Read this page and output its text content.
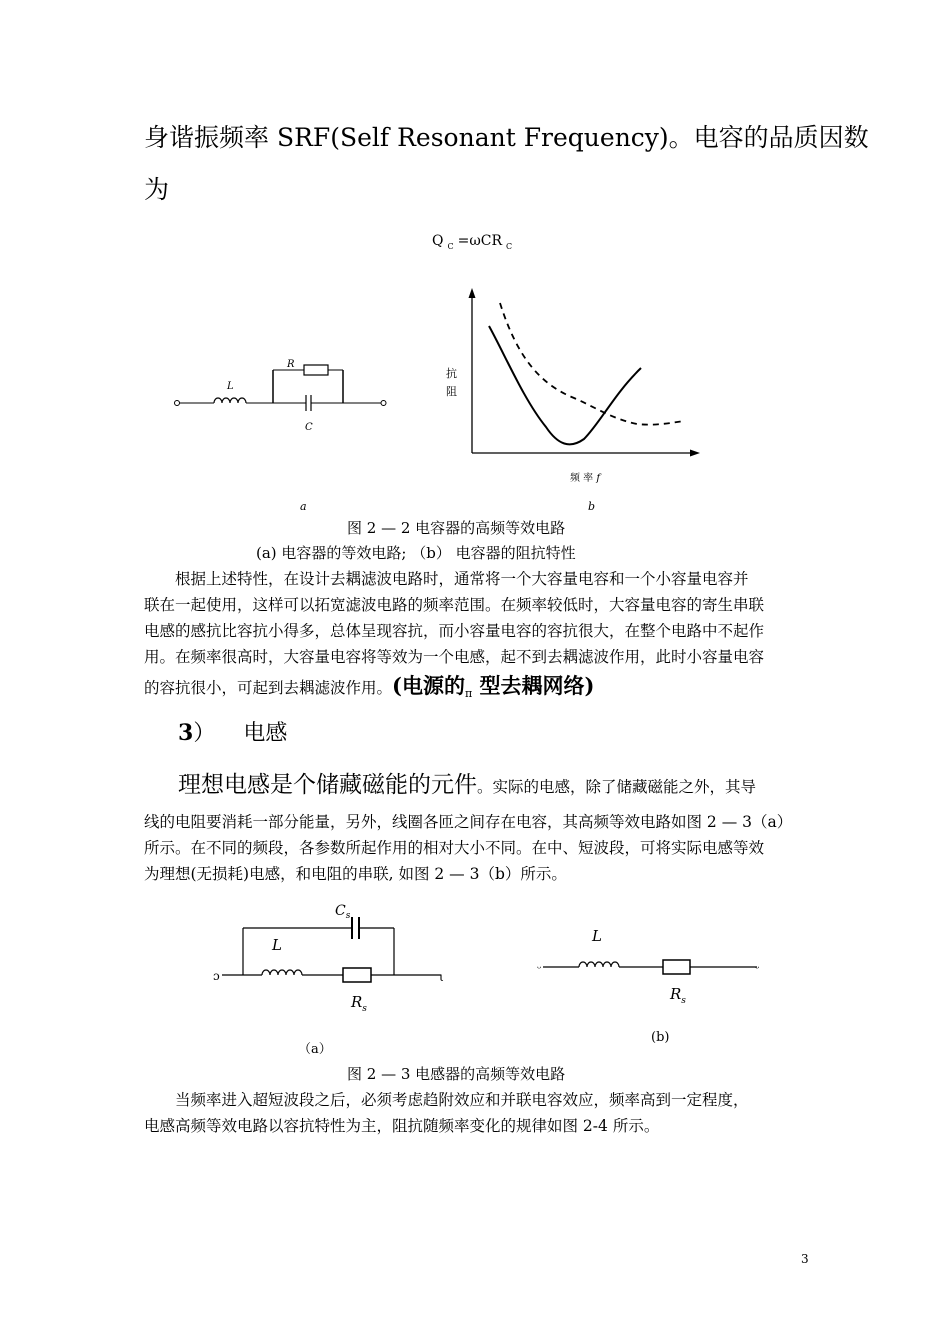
身谐振频率 SRF(Self Resonant Frequency)。电容的品质因数
为
Q $_C$ =ωCR $_C$
L
R
C
抗
阻
频 率 f
a	b
图 2 — 2 电容器的高频等效电路
(a) 电容器的等效电路; （b） 电容器的阻抗特性

根据上述特性，在设计去耦滤波电路时，通常将一个大容量电容和一个小容量电容并

联在一起使用，这样可以拓宽滤波电路的频率范围。在频率较低时，大容量电容的寄生串联

电感的感抗比容抗小得多，总体呈现容抗，而小容量电容的容抗很大，在整个电路中不起作

用。在频率很高时，大容量电容将等效为一个电感，起不到去耦滤波作用，此时小容量电容

的容抗很小，可起到去耦滤波作用。(电源的$_\pi$ 型去耦网络)
3） 电感
理想电感是个储藏磁能的元件。实际的电感，除了储藏磁能之外，其导

线的电阻要消耗一部分能量，另外，线圈各匝之间存在电容，其高频等效电路如图 2 — 3（a）

所示。在不同的频段，各参数所起作用的相对大小不同。在中、短波段，可将实际电感等效

为理想(无损耗)电感，和电阻的串联, 如图 2 — 3（b）所示。

ɔ	ι
$C_s$
L
$R_s$
ᵕ	ᵕ
L
$R_s$
（a）
(b)
图 2 — 3 电感器的高频等效电路

当频率进入超短波段之后，必须考虑趋附效应和并联电容效应，频率高到一定程度，

电感高频等效电路以容抗特性为主，阻抗随频率变化的规律如图 2-4 所示。

3
